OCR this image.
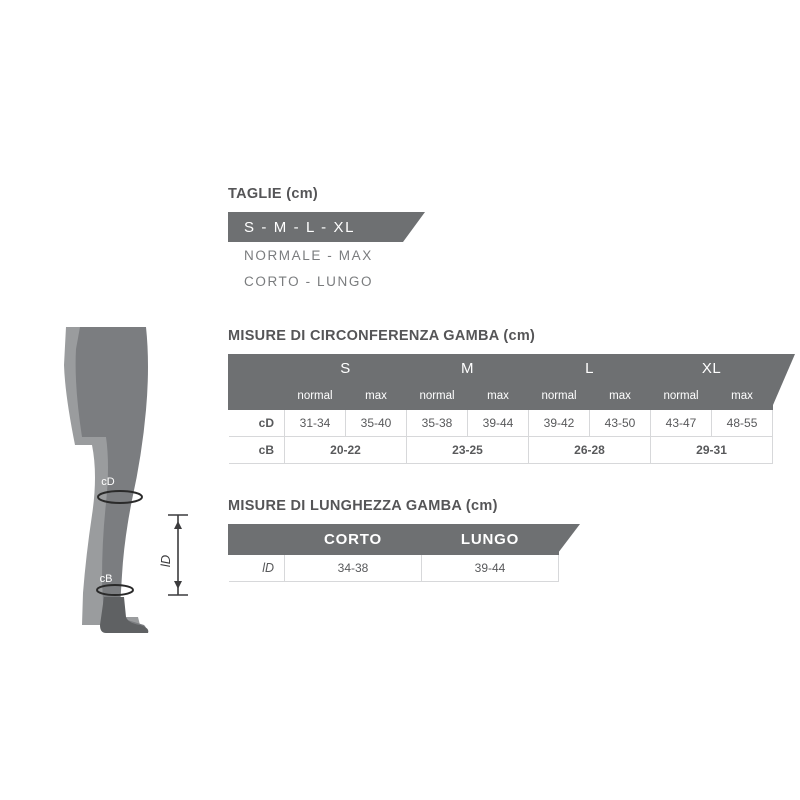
cD
cB
lD
TAGLIE (cm)
S - M - L - XL
NORMALE - MAX
CORTO - LUNGO
MISURE DI CIRCONFERENZA GAMBA (cm)
	S		M		L		XL	
	normal	max	normal	max	normal	max	normal	max
cD	31-34	35-40	35-38	39-44	39-42	43-50	43-47	48-55
cB	20-22		23-25		26-28		29-31	
MISURE DI LUNGHEZZA GAMBA (cm)
	CORTO	LUNGO
lD	34-38	39-44
